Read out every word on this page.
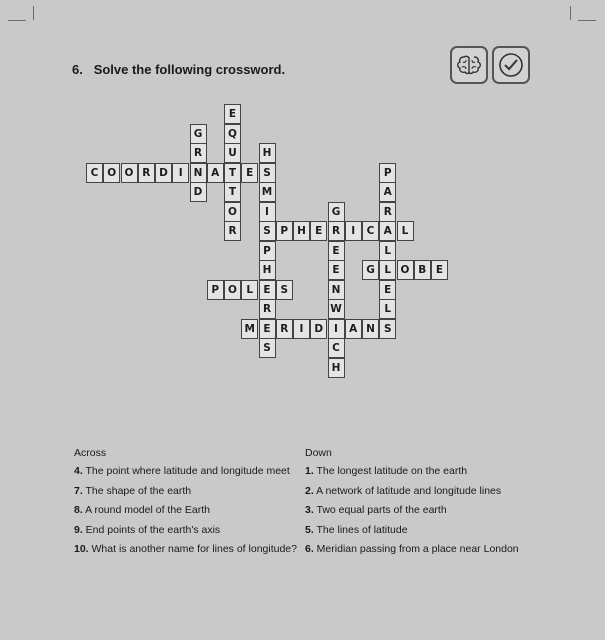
6. Solve the following crossword.
E
G	Q
R	U	H
C O O R D	I	N A T E S	P
D	T	M	A
O	I	G	R
R	S P H E R	I	C A L
P	E	L
H	E	G L O B E
P O L E S	N	E
R	W	L
M E R	I	D	I	A N S
S	C
H
Across	Down
4. The point where latitude and longitude meet
7. The shape of the earth
8. A round model of the Earth
9. End points of the earth's axis
10. What is another name for lines of longitude?
1. The longest latitude on the earth
2. A network of latitude and longitude lines
3. Two equal parts of the earth
5. The lines of latitude
6. Meridian passing from a place near London
